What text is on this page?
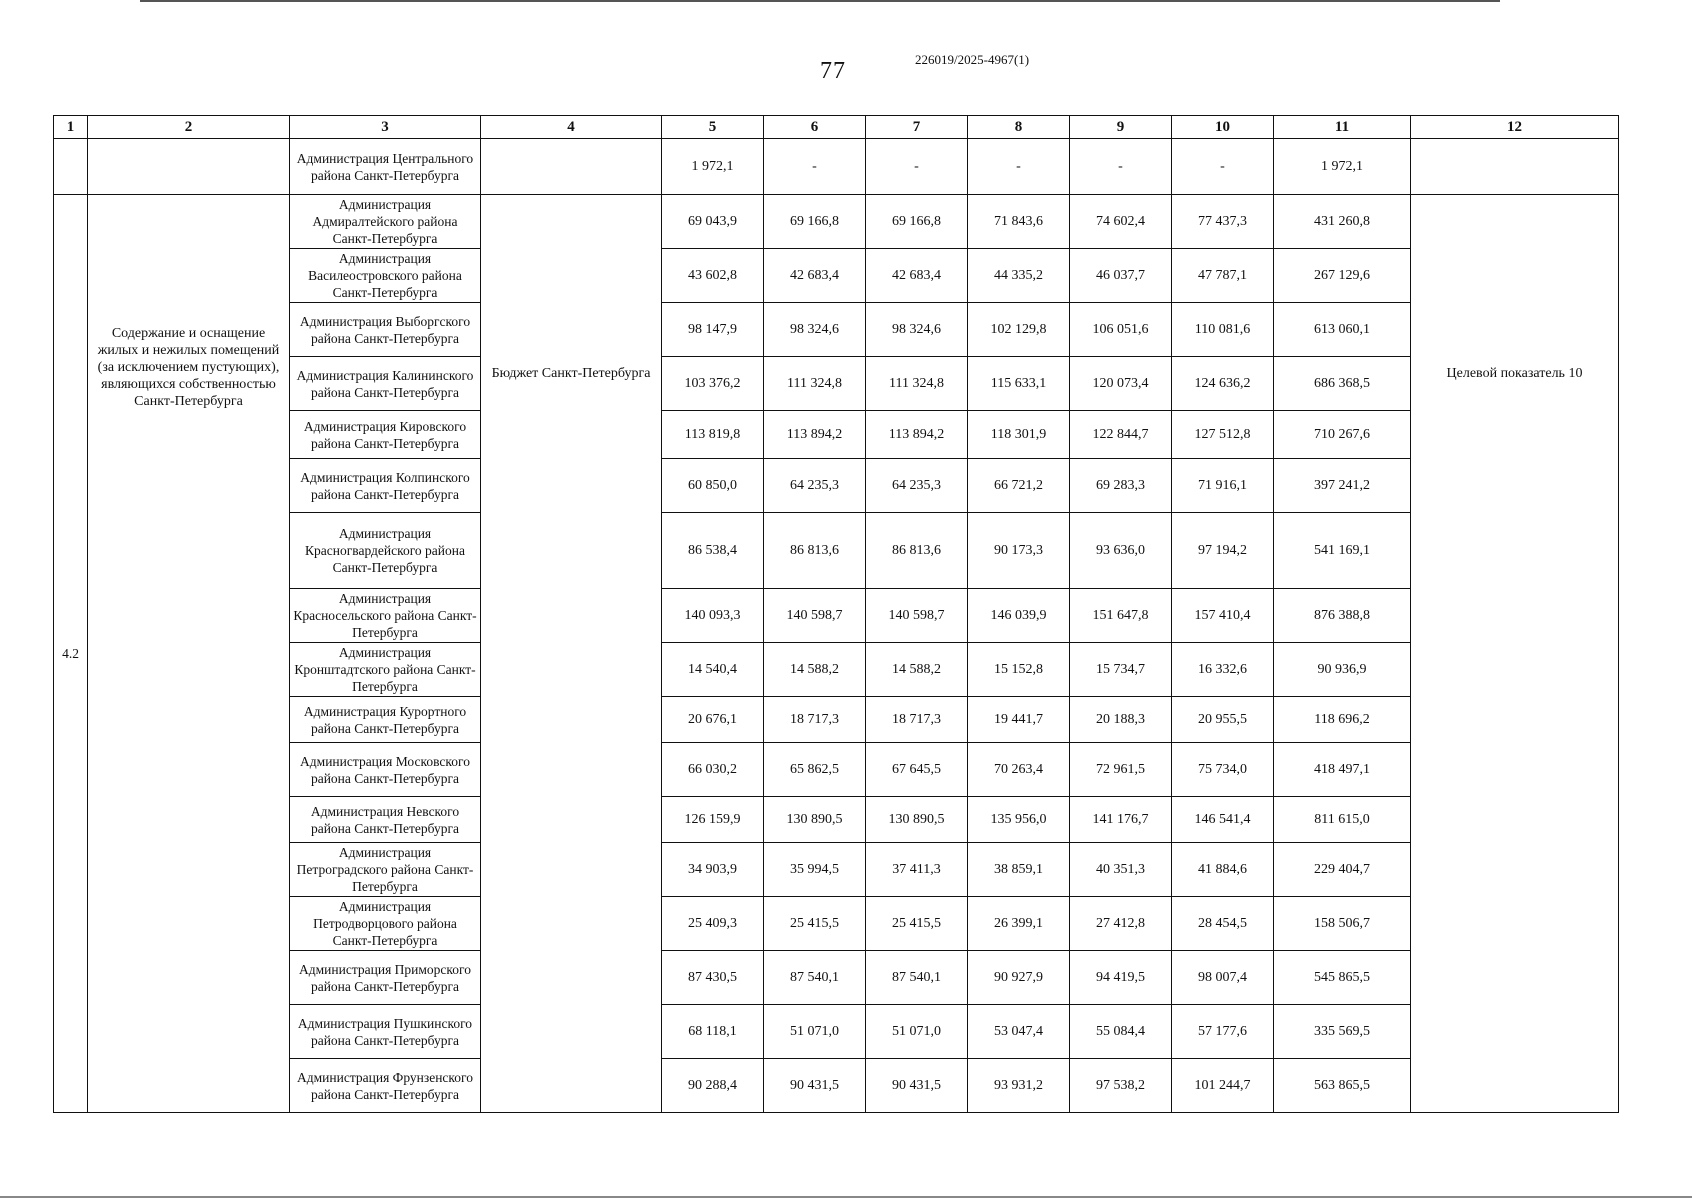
77	226019/2025-4967(1)
1	2	3	4	5	6	7	8	9	10	11	12
		Администрация Центрального района Санкт-Петербурга		1 972,1	-	-	-	-	-	1 972,1	
4.2	Содержание и оснащение жилых и нежилых помещений (за исключением пустующих), являющихся собственностью Санкт-Петербурга	Администрация Адмиралтейского района Санкт-Петербурга	Бюджет Санкт-Петербурга	69 043,9	69 166,8	69 166,8	71 843,6	74 602,4	77 437,3	431 260,8	Целевой показатель 10
		Администрация Василеостровского района Санкт-Петербурга		43 602,8	42 683,4	42 683,4	44 335,2	46 037,7	47 787,1	267 129,6	
		Администрация Выборгского района Санкт-Петербурга		98 147,9	98 324,6	98 324,6	102 129,8	106 051,6	110 081,6	613 060,1	
		Администрация Калининского района Санкт-Петербурга		103 376,2	111 324,8	111 324,8	115 633,1	120 073,4	124 636,2	686 368,5	
		Администрация Кировского района Санкт-Петербурга		113 819,8	113 894,2	113 894,2	118 301,9	122 844,7	127 512,8	710 267,6	
		Администрация Колпинского района Санкт-Петербурга		60 850,0	64 235,3	64 235,3	66 721,2	69 283,3	71 916,1	397 241,2	
		Администрация Красногвардейского района Санкт-Петербурга		86 538,4	86 813,6	86 813,6	90 173,3	93 636,0	97 194,2	541 169,1	
		Администрация Красносельского района Санкт-Петербурга		140 093,3	140 598,7	140 598,7	146 039,9	151 647,8	157 410,4	876 388,8	
		Администрация Кронштадтского района Санкт-Петербурга		14 540,4	14 588,2	14 588,2	15 152,8	15 734,7	16 332,6	90 936,9	
		Администрация Курортного района Санкт-Петербурга		20 676,1	18 717,3	18 717,3	19 441,7	20 188,3	20 955,5	118 696,2	
		Администрация Московского района Санкт-Петербурга		66 030,2	65 862,5	67 645,5	70 263,4	72 961,5	75 734,0	418 497,1	
		Администрация Невского района Санкт-Петербурга		126 159,9	130 890,5	130 890,5	135 956,0	141 176,7	146 541,4	811 615,0	
		Администрация Петроградского района Санкт-Петербурга		34 903,9	35 994,5	37 411,3	38 859,1	40 351,3	41 884,6	229 404,7	
		Администрация Петродворцового района Санкт-Петербурга		25 409,3	25 415,5	25 415,5	26 399,1	27 412,8	28 454,5	158 506,7	
		Администрация Приморского района Санкт-Петербурга		87 430,5	87 540,1	87 540,1	90 927,9	94 419,5	98 007,4	545 865,5	
		Администрация Пушкинского района Санкт-Петербурга		68 118,1	51 071,0	51 071,0	53 047,4	55 084,4	57 177,6	335 569,5	
		Администрация Фрунзенского района Санкт-Петербурга		90 288,4	90 431,5	90 431,5	93 931,2	97 538,2	101 244,7	563 865,5	
